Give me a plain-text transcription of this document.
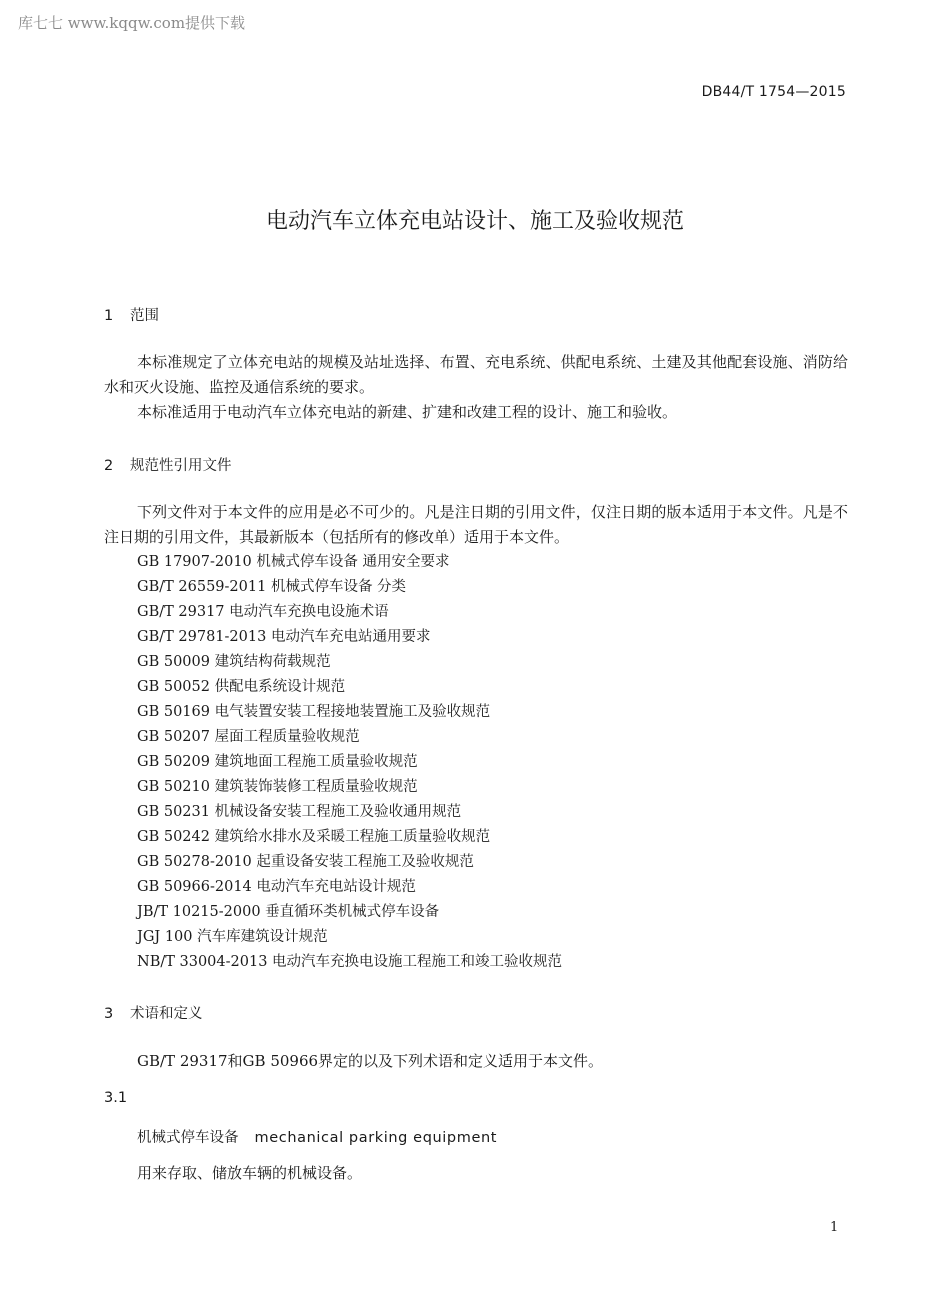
库七七 www.kqqw.com提供下载
DB44/T 1754—2015
电动汽车立体充电站设计、施工及验收规范
1 范围
本标准规定了立体充电站的规模及站址选择、布置、充电系统、供配电系统、土建及其他配套设施、消防给水和灭火设施、监控及通信系统的要求。
本标准适用于电动汽车立体充电站的新建、扩建和改建工程的设计、施工和验收。
2 规范性引用文件
下列文件对于本文件的应用是必不可少的。凡是注日期的引用文件，仅注日期的版本适用于本文件。凡是不注日期的引用文件，其最新版本（包括所有的修改单）适用于本文件。
GB 17907-2010 机械式停车设备 通用安全要求
GB/T 26559-2011 机械式停车设备 分类
GB/T 29317 电动汽车充换电设施术语
GB/T 29781-2013 电动汽车充电站通用要求
GB 50009 建筑结构荷载规范
GB 50052 供配电系统设计规范
GB 50169 电气装置安装工程接地装置施工及验收规范
GB 50207 屋面工程质量验收规范
GB 50209 建筑地面工程施工质量验收规范
GB 50210 建筑装饰装修工程质量验收规范
GB 50231 机械设备安装工程施工及验收通用规范
GB 50242 建筑给水排水及采暖工程施工质量验收规范
GB 50278-2010 起重设备安装工程施工及验收规范
GB 50966-2014 电动汽车充电站设计规范
JB/T 10215-2000 垂直循环类机械式停车设备
JGJ 100 汽车库建筑设计规范
NB/T 33004-2013 电动汽车充换电设施工程施工和竣工验收规范
3 术语和定义
GB/T 29317和GB 50966界定的以及下列术语和定义适用于本文件。
3.1
机械式停车设备 mechanical parking equipment
用来存取、储放车辆的机械设备。
1
